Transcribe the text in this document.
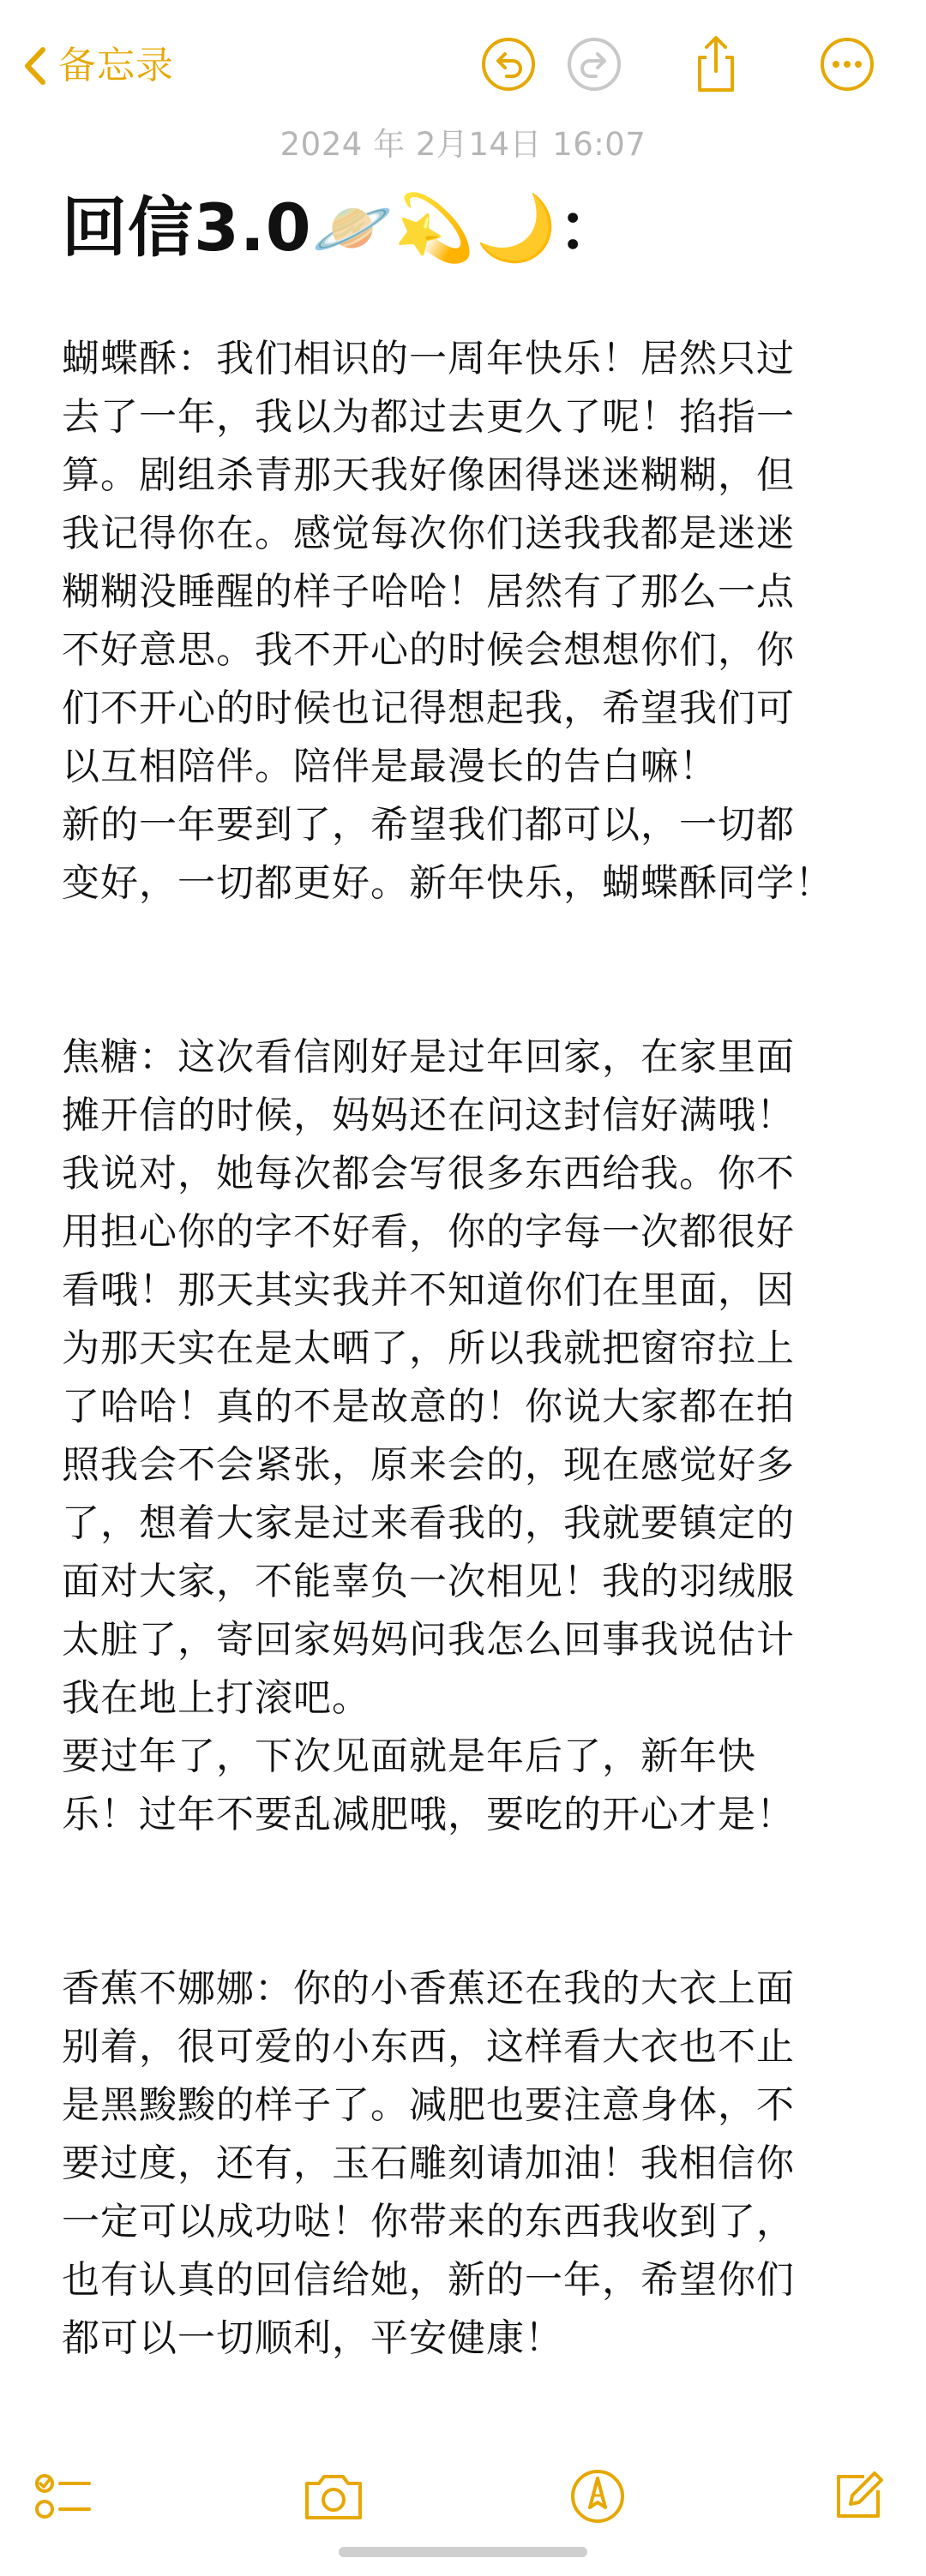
备忘录
2024 年 2月14日 16:07
回信3.0🪐💫🌙：
蝴蝶酥：我们相识的一周年快乐！居然只过
去了一年，我以为都过去更久了呢！掐指一
算。剧组杀青那天我好像困得迷迷糊糊，但
我记得你在。感觉每次你们送我我都是迷迷
糊糊没睡醒的样子哈哈！居然有了那么一点
不好意思。我不开心的时候会想想你们，你
们不开心的时候也记得想起我，希望我们可
以互相陪伴。陪伴是最漫长的告白嘛！
新的一年要到了，希望我们都可以，一切都
变好，一切都更好。新年快乐，蝴蝶酥同学！
焦糖：这次看信刚好是过年回家，在家里面
摊开信的时候，妈妈还在问这封信好满哦！
我说对，她每次都会写很多东西给我。你不
用担心你的字不好看，你的字每一次都很好
看哦！那天其实我并不知道你们在里面，因
为那天实在是太晒了，所以我就把窗帘拉上
了哈哈！真的不是故意的！你说大家都在拍
照我会不会紧张，原来会的，现在感觉好多
了，想着大家是过来看我的，我就要镇定的
面对大家，不能辜负一次相见！我的羽绒服
太脏了，寄回家妈妈问我怎么回事我说估计
我在地上打滚吧。
要过年了，下次见面就是年后了，新年快
乐！过年不要乱减肥哦，要吃的开心才是！
香蕉不娜娜：你的小香蕉还在我的大衣上面
别着，很可爱的小东西，这样看大衣也不止
是黑黢黢的样子了。减肥也要注意身体，不
要过度，还有，玉石雕刻请加油！我相信你
一定可以成功哒！你带来的东西我收到了，
也有认真的回信给她，新的一年，希望你们
都可以一切顺利，平安健康！
